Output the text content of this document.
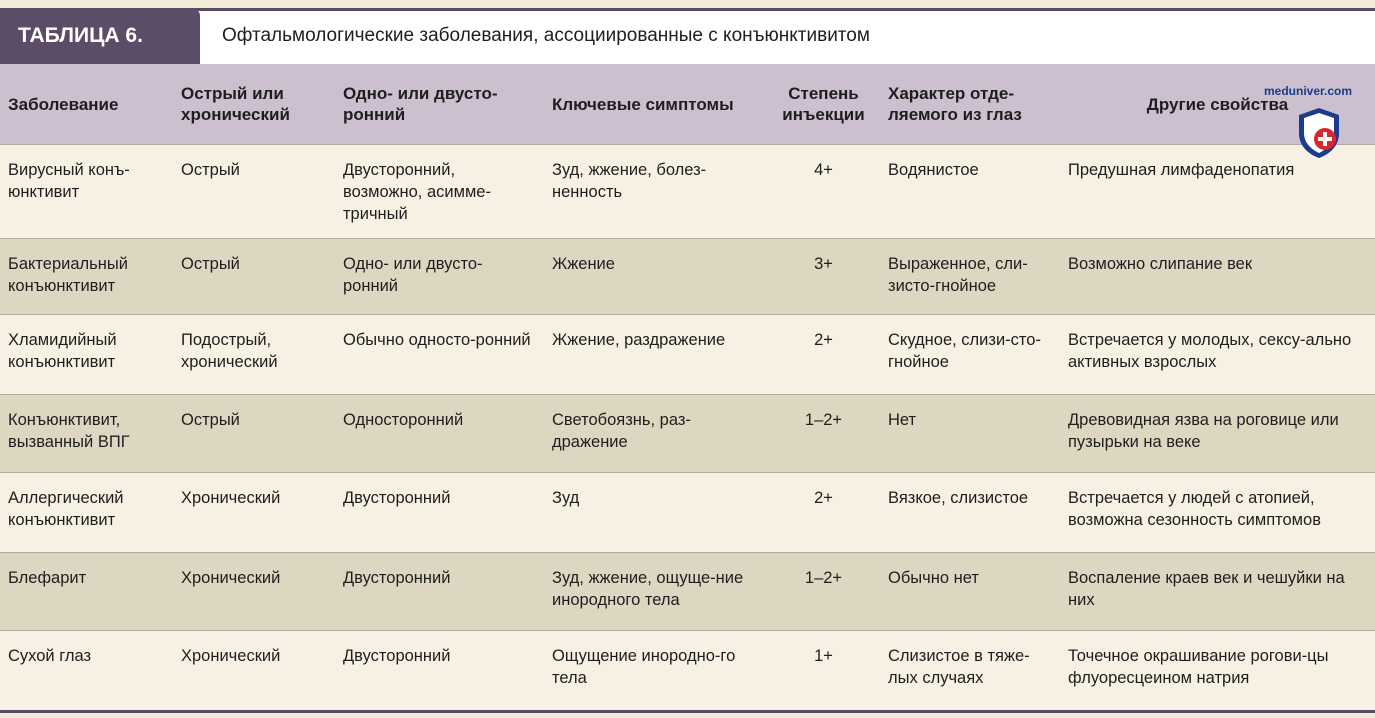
ТАБЛИЦА 6.	Офтальмологические заболевания, ассоциированные с конъюнктивитом
Заболевание	Острый или хронический	Одно- или двусто-ронний	Ключевые симптомы	Степень инъекции	Характер отде-ляемого из глаз	Другие свойства
Вирусный конъ-юнктивит	Острый	Двусторонний, возможно, асимме-тричный	Зуд, жжение, болез-ненность	4+	Водянистое	Предушная лимфаденопатия
Бактериальный конъюнктивит	Острый	Одно- или двусто-ронний	Жжение	3+	Выраженное, сли-зисто-гнойное	Возможно слипание век
Хламидийный конъюнктивит	Подострый, хронический	Обычно односто-ронний	Жжение, раздражение	2+	Скудное, слизи-сто-гнойное	Встречается у молодых, сексу-ально активных взрослых
Конъюнктивит, вызванный ВПГ	Острый	Односторонний	Светобоязнь, раз-дражение	1–2+	Нет	Древовидная язва на роговице или пузырьки на веке
Аллергический конъюнктивит	Хронический	Двусторонний	Зуд	2+	Вязкое, слизистое	Встречается у людей с атопией, возможна сезонность симптомов
Блефарит	Хронический	Двусторонний	Зуд, жжение, ощуще-ние инородного тела	1–2+	Обычно нет	Воспаление краев век и чешуйки на них
Сухой глаз	Хронический	Двусторонний	Ощущение инородно-го тела	1+	Слизистое в тяже-лых случаях	Точечное окрашивание рогови-цы флуоресцеином натрия
meduniver.com
